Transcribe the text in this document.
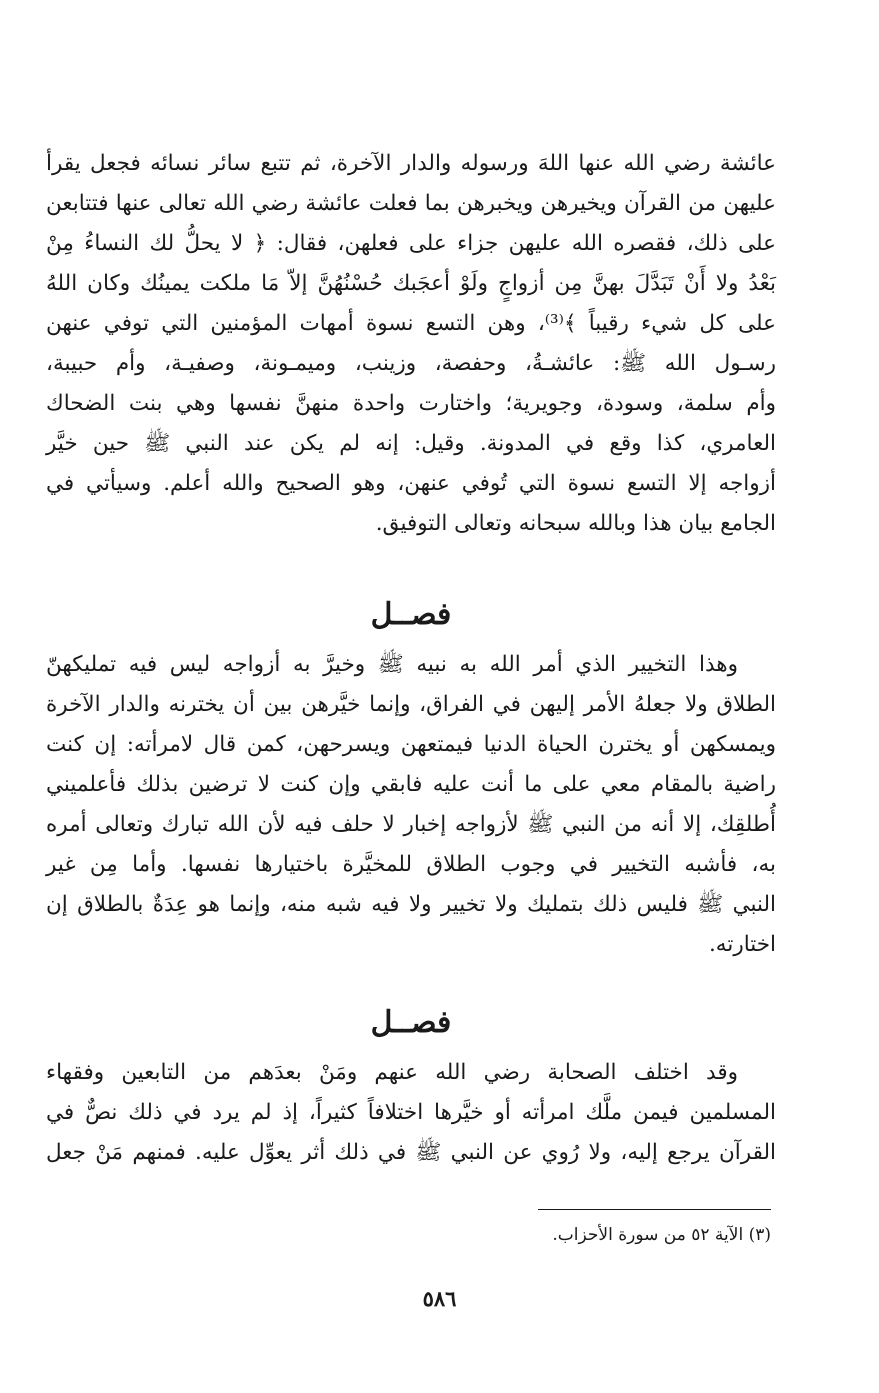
عائشة رضي الله عنها اللهَ ورسوله والدار الآخرة، ثم تتبع سائر نسائه فجعل يقرأ
عليهن من القرآن ويخيرهن ويخبرهن بما فعلت عائشة رضي الله تعالى عنها فتتابعن
على ذلك، فقصره الله عليهن جزاء على فعلهن، فقال: ﴿ لا يحلُّ لك النساءُ مِنْ
بَعْدُ ولا أَنْ تَبَدَّلَ بهنَّ مِن أزواجٍ ولَوْ أعجَبك حُسْنُهُنَّ إلاّ مَا ملكت يمينُك وكان اللهُ
على كل شيء رقيباً ﴾⁽³⁾، وهن التسع نسوة أمهات المؤمنين التي توفي عنهن
رسـول الله ﷺ: عائشـةُ، وحفصة، وزينب، وميمـونة، وصفيـة، وأم حبيبة،
وأم سلمة، وسودة، وجويرية؛ واختارت واحدة منهنَّ نفسها وهي بنت الضحاك
العامري، كذا وقع في المدونة. وقيل: إنه لم يكن عند النبي ﷺ حين خيَّر
أزواجه إلا التسع نسوة التي تُوفي عنهن، وهو الصحيح والله أعلم. وسيأتي في
الجامع بيان هذا وبالله سبحانه وتعالى التوفيق.
فصــل
وهذا التخيير الذي أمر الله به نبيه ﷺ وخيرَّ به أزواجه ليس فيه تمليكهنّ
الطلاق ولا جعلهُ الأمر إليهن في الفراق، وإنما خيَّرهن بين أن يخترنه والدار الآخرة
ويمسكهن أو يخترن الحياة الدنيا فيمتعهن ويسرحهن، كمن قال لامرأته: إن كنت
راضية بالمقام معي على ما أنت عليه فابقي وإن كنت لا ترضين بذلك فأعلميني
أُطلقِك، إلا أنه من النبي ﷺ لأزواجه إخبار لا حلف فيه لأن الله تبارك وتعالى أمره
به، فأشبه التخيير في وجوب الطلاق للمخيَّرة باختيارها نفسها. وأما مِن غير
النبي ﷺ فليس ذلك بتمليك ولا تخيير ولا فيه شبه منه، وإنما هو عِدَةٌ بالطلاق إن
اختارته.
فصــل
وقد اختلف الصحابة رضي الله عنهم ومَنْ بعدَهم من التابعين وفقهاء
المسلمين فيمن ملَّك امرأته أو خيَّرها اختلافاً كثيراً، إذ لم يرد في ذلك نصٌّ في
القرآن يرجع إليه، ولا رُوي عن النبي ﷺ في ذلك أثر يعوِّل عليه. فمنهم مَنْ جعل
(٣) الآية ٥٢ من سورة الأحزاب.
٥٨٦
